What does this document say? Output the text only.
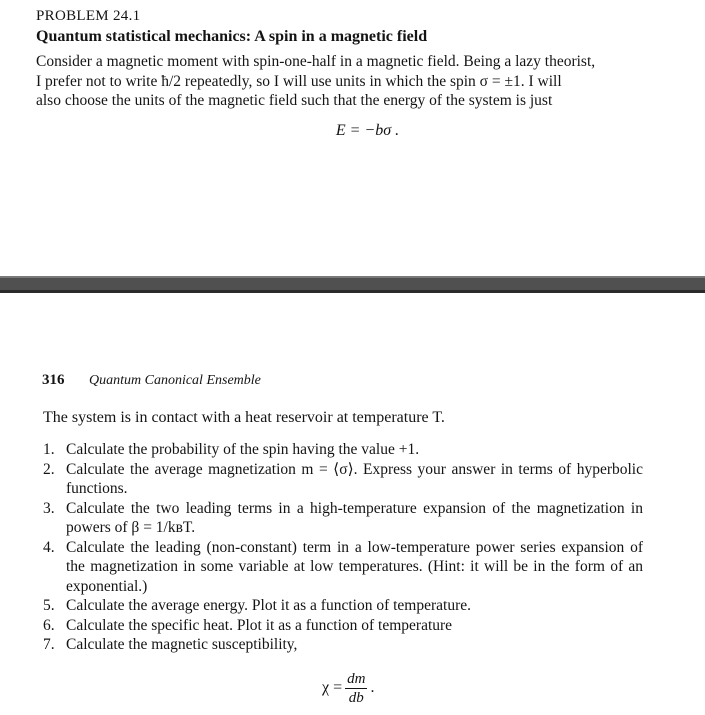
PROBLEM 24.1
Quantum statistical mechanics: A spin in a magnetic field
Consider a magnetic moment with spin-one-half in a magnetic field. Being a lazy theorist,
I prefer not to write ħ/2 repeatedly, so I will use units in which the spin σ = ±1. I will
also choose the units of the magnetic field such that the energy of the system is just
E = −bσ .
316 Quantum Canonical Ensemble
The system is in contact with a heat reservoir at temperature T.
1. Calculate the probability of the spin having the value +1.
2. Calculate the average magnetization m = ⟨σ⟩. Express your answer in terms of hyperbolic functions.
3. Calculate the two leading terms in a high-temperature expansion of the magnetization in powers of β = 1/kʙT.
4. Calculate the leading (non-constant) term in a low-temperature power series expansion of the magnetization in some variable at low temperatures. (Hint: it will be in the form of an exponential.)
5. Calculate the average energy. Plot it as a function of temperature.
6. Calculate the specific heat. Plot it as a function of temperature
7. Calculate the magnetic susceptibility,
$\chi = \frac{dm}{db}$ .
